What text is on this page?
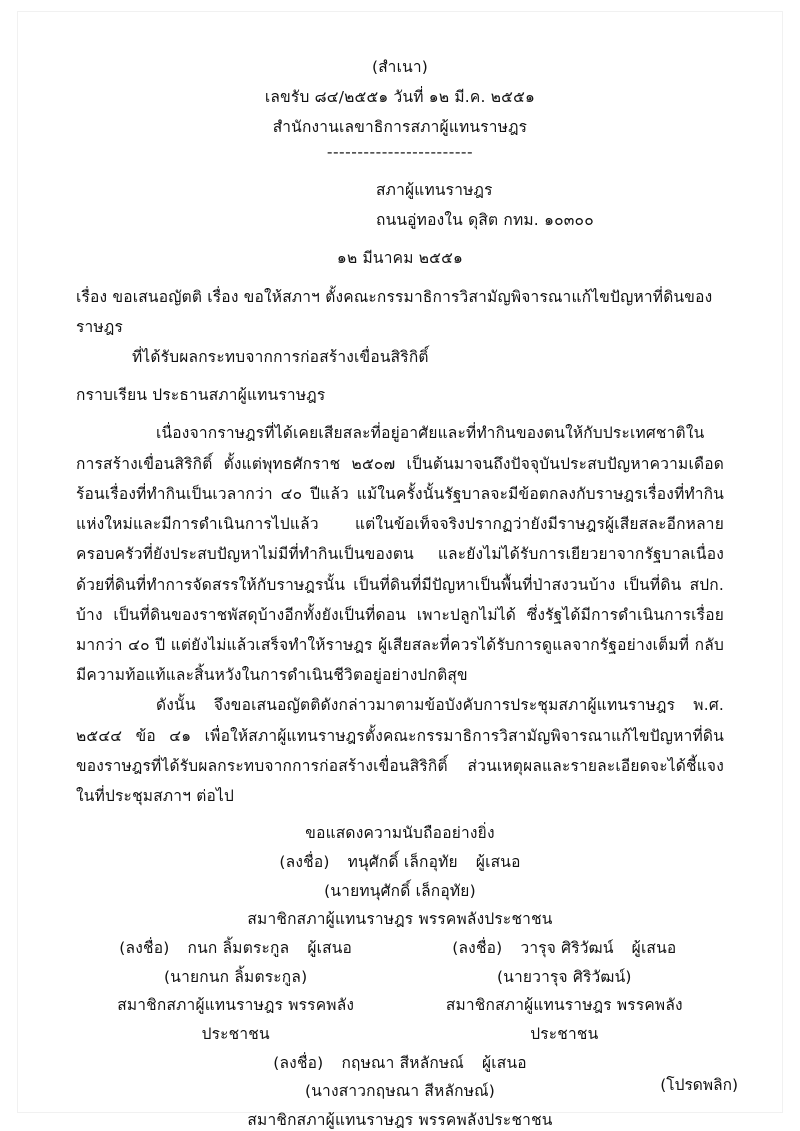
(สำเนา)
เลขรับ ๘๔/๒๕๕๑ วันที่ ๑๒ มี.ค. ๒๕๕๑
สำนักงานเลขาธิการสภาผู้แทนราษฎร
------------------------
สภาผู้แทนราษฎร
ถนนอู่ทองใน ดุสิต กทม. ๑๐๓๐๐
๑๒ มีนาคม ๒๕๕๑
เรื่อง ขอเสนอญัตติ เรื่อง ขอให้สภาฯ ตั้งคณะกรรมาธิการวิสามัญพิจารณาแก้ไขปัญหาที่ดินของราษฎร
ที่ได้รับผลกระทบจากการก่อสร้างเขื่อนสิริกิติ์
กราบเรียน ประธานสภาผู้แทนราษฎร
เนื่องจากราษฎรที่ได้เคยเสียสละที่อยู่อาศัยและที่ทำกินของตนให้กับประเทศชาติในการสร้างเขื่อนสิริกิติ์ ตั้งแต่พุทธศักราช ๒๕๐๗ เป็นต้นมาจนถึงปัจจุบันประสบปัญหาความเดือดร้อนเรื่องที่ทำกินเป็นเวลากว่า ๔๐ ปีแล้ว แม้ในครั้งนั้นรัฐบาลจะมีข้อตกลงกับราษฎรเรื่องที่ทำกินแห่งใหม่และมีการดำเนินการไปแล้ว แต่ในข้อเท็จจริงปรากฏว่ายังมีราษฎรผู้เสียสละอีกหลายครอบครัวที่ยังประสบปัญหาไม่มีที่ทำกินเป็นของตน และยังไม่ได้รับการเยียวยาจากรัฐบาลเนื่องด้วยที่ดินที่ทำการจัดสรรให้กับราษฎรนั้น เป็นที่ดินที่มีปัญหาเป็นพื้นที่ป่าสงวนบ้าง เป็นที่ดิน สปก. บ้าง เป็นที่ดินของราชพัสดุบ้างอีกทั้งยังเป็นที่ดอน เพาะปลูกไม่ได้ ซึ่งรัฐได้มีการดำเนินการเรื่อยมากว่า ๔๐ ปี แต่ยังไม่แล้วเสร็จทำให้ราษฎร ผู้เสียสละที่ควรได้รับการดูแลจากรัฐอย่างเต็มที่ กลับมีความท้อแท้และสิ้นหวังในการดำเนินชีวิตอยู่อย่างปกติสุข
ดังนั้น จึงขอเสนอญัตติดังกล่าวมาตามข้อบังคับการประชุมสภาผู้แทนราษฎร พ.ศ. ๒๕๔๔ ข้อ ๔๑ เพื่อให้สภาผู้แทนราษฎรตั้งคณะกรรมาธิการวิสามัญพิจารณาแก้ไขปัญหาที่ดินของราษฎรที่ได้รับผลกระทบจากการก่อสร้างเขื่อนสิริกิติ์ ส่วนเหตุผลและรายละเอียดจะได้ชี้แจงในที่ประชุมสภาฯ ต่อไป
ขอแสดงความนับถืออย่างยิ่ง
(ลงชื่อ) ทนุศักดิ์ เล็กอุทัย ผู้เสนอ
(นายทนุศักดิ์ เล็กอุทัย)
สมาชิกสภาผู้แทนราษฎร พรรคพลังประชาชน
(ลงชื่อ) กนก ลิ้มตระกูล ผู้เสนอ
(นายกนก ลิ้มตระกูล)
สมาชิกสภาผู้แทนราษฎร พรรคพลังประชาชน
(ลงชื่อ) วารุจ ศิริวัฒน์ ผู้เสนอ
(นายวารุจ ศิริวัฒน์)
สมาชิกสภาผู้แทนราษฎร พรรคพลังประชาชน
(ลงชื่อ) กฤษณา สีหลักษณ์ ผู้เสนอ
(นางสาวกฤษณา สีหลักษณ์)
สมาชิกสภาผู้แทนราษฎร พรรคพลังประชาชน
(โปรดพลิก)
